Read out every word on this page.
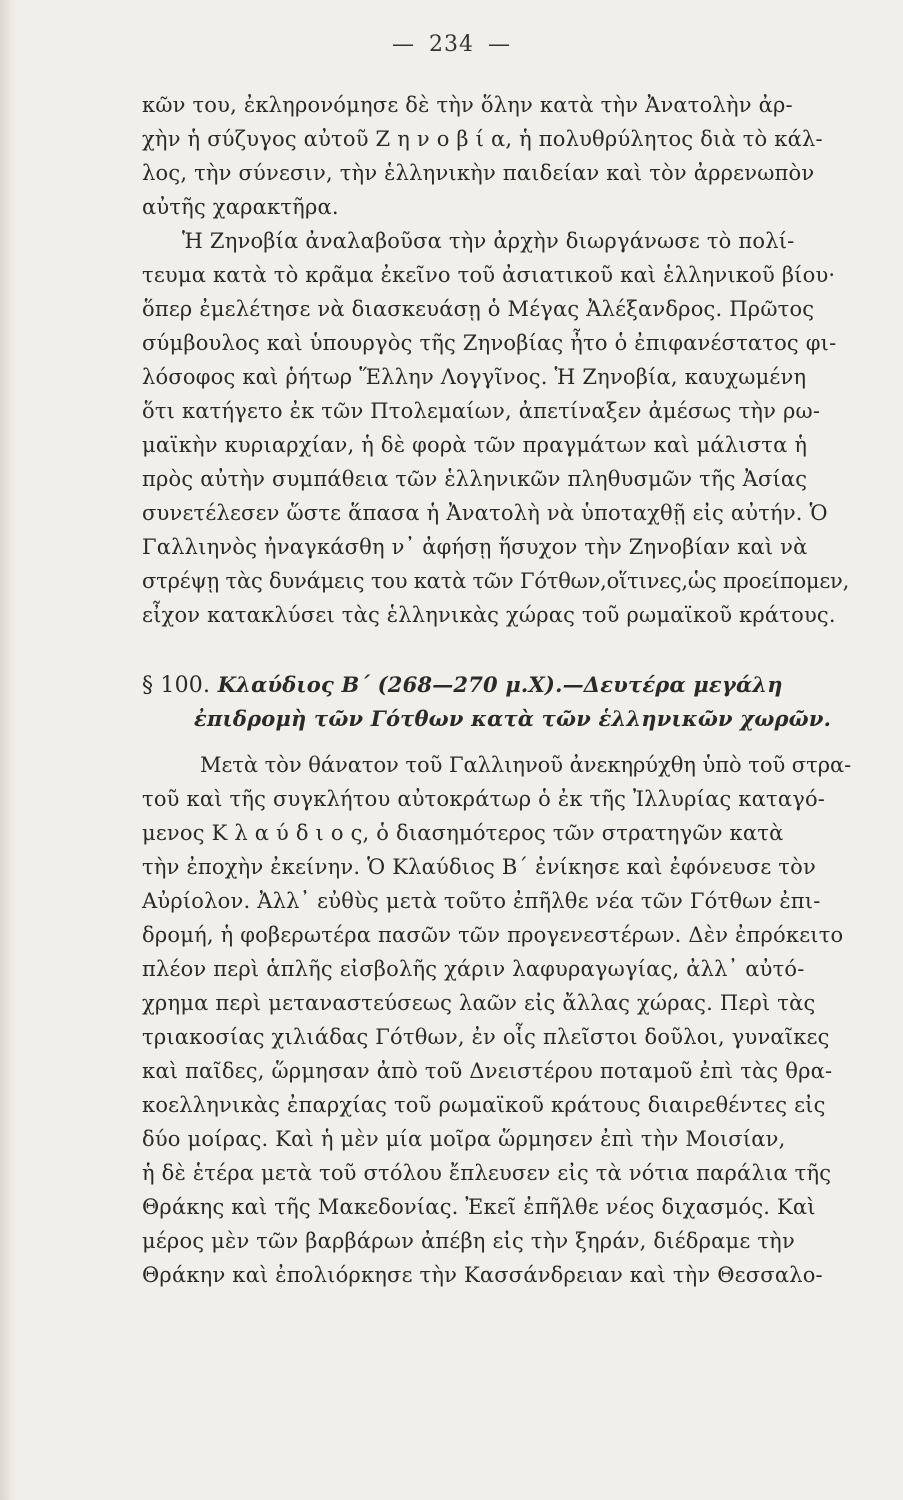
— 234 —
κῶν του, ἐκληρονόμησε δὲ τὴν ὅλην κατὰ τὴν Ἀνατολὴν ἀρ-
χὴν ἡ σύζυγος αὐτοῦ Ζ η ν ο β ί α, ἡ πολυθρύλητος διὰ τὸ κάλ-
λος, τὴν σύνεσιν, τὴν ἑλληνικὴν παιδείαν καὶ τὸν ἀρρενωπὸν
αὐτῆς χαρακτῆρα.
Ἡ Ζηνοβία ἀναλαβοῦσα τὴν ἀρχὴν διωργάνωσε τὸ πολί-
τευμα κατὰ τὸ κρᾶμα ἐκεῖνο τοῦ ἀσιατικοῦ καὶ ἑλληνικοῦ βίου·
ὅπερ ἐμελέτησε νὰ διασκευάσῃ ὁ Μέγας Ἀλέξανδρος. Πρῶτος
σύμβουλος καὶ ὑπουργὸς τῆς Ζηνοβίας ἦτο ὁ ἐπιφανέστατος φι-
λόσοφος καὶ ῥήτωρ Ἕλλην Λογγῖνος. Ἡ Ζηνοβία, καυχωμένη
ὅτι κατήγετο ἐκ τῶν Πτολεμαίων, ἀπετίναξεν ἀμέσως τὴν ρω-
μαϊκὴν κυριαρχίαν, ἡ δὲ φορὰ τῶν πραγμάτων καὶ μάλιστα ἡ
πρὸς αὐτὴν συμπάθεια τῶν ἑλληνικῶν πληθυσμῶν τῆς Ἀσίας
συνετέλεσεν ὥστε ἅπασα ἡ Ἀνατολὴ νὰ ὑποταχθῇ εἰς αὐτήν. Ὁ
Γαλλιηνὸς ἠναγκάσθη ν᾽ ἀφήσῃ ἥσυχον τὴν Ζηνοβίαν καὶ νὰ
στρέψῃ τὰς δυνάμεις του κατὰ τῶν Γότθων,οἵτινες,ὡς προείπομεν,
εἶχον κατακλύσει τὰς ἑλληνικὰς χώρας τοῦ ρωμαϊκοῦ κράτους.
§ 100. Κλαύδιος Β΄ (268—270 μ.Χ).—Δευτέρα μεγάλη
ἐπιδρομὴ τῶν Γότθων κατὰ τῶν ἑλληνικῶν χωρῶν.
Μετὰ τὸν θάνατον τοῦ Γαλλιηνοῦ ἀνεκηρύχθη ὑπὸ τοῦ στρα-
τοῦ καὶ τῆς συγκλήτου αὐτοκράτωρ ὁ ἐκ τῆς Ἰλλυρίας καταγό-
μενος Κ λ α ύ δ ι ο ς, ὁ διασημότερος τῶν στρατηγῶν κατὰ
τὴν ἐποχὴν ἐκείνην. Ὁ Κλαύδιος Β΄ ἐνίκησε καὶ ἐφόνευσε τὸν
Αὐρίολον. Ἀλλ᾽ εὐθὺς μετὰ τοῦτο ἐπῆλθε νέα τῶν Γότθων ἐπι-
δρομή, ἡ φοβερωτέρα πασῶν τῶν προγενεστέρων. Δὲν ἐπρόκειτο
πλέον περὶ ἁπλῆς εἰσβολῆς χάριν λαφυραγωγίας, ἀλλ᾽ αὐτό-
χρημα περὶ μεταναστεύσεως λαῶν εἰς ἄλλας χώρας. Περὶ τὰς
τριακοσίας χιλιάδας Γότθων, ἐν οἷς πλεῖστοι δοῦλοι, γυναῖκες
καὶ παῖδες, ὥρμησαν ἀπὸ τοῦ Δνειστέρου ποταμοῦ ἐπὶ τὰς θρα-
κοελληνικὰς ἐπαρχίας τοῦ ρωμαϊκοῦ κράτους διαιρεθέντες εἰς
δύο μοίρας. Καὶ ἡ μὲν μία μοῖρα ὥρμησεν ἐπὶ τὴν Μοισίαν,
ἡ δὲ ἑτέρα μετὰ τοῦ στόλου ἔπλευσεν εἰς τὰ νότια παράλια τῆς
Θράκης καὶ τῆς Μακεδονίας. Ἐκεῖ ἐπῆλθε νέος διχασμός. Καὶ
μέρος μὲν τῶν βαρβάρων ἀπέβη εἰς τὴν ξηράν, διέδραμε τὴν
Θράκην καὶ ἐπολιόρκησε τὴν Κασσάνδρειαν καὶ τὴν Θεσσαλο-
